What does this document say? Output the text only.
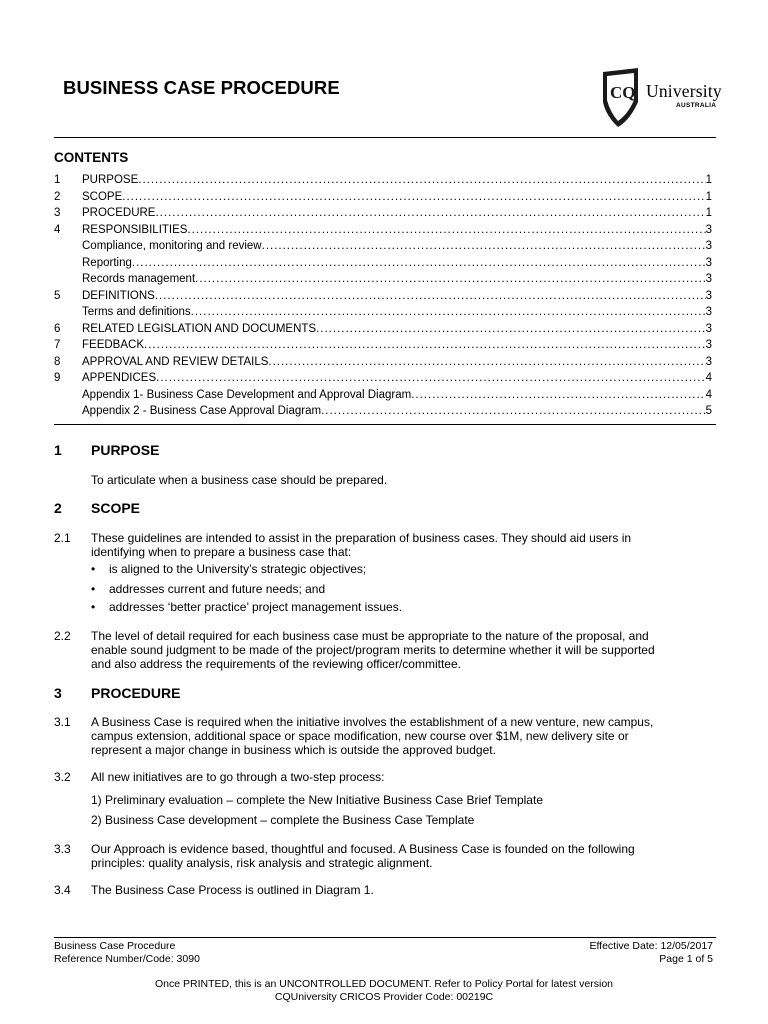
BUSINESS CASE PROCEDURE	CQ University
AUSTRALIA
CONTENTS
1 PURPOSE .....	1
2 SCOPE .....	1
3 PROCEDURE .....	1
4 RESPONSIBILITIES .....	3
Compliance, monitoring and review .....	3
Reporting .....	3
Records management .....	3
5 DEFINITIONS .....	3
Terms and definitions .....	3
6 RELATED LEGISLATION AND DOCUMENTS .....	3
7 FEEDBACK .....	3
8 APPROVAL AND REVIEW DETAILS .....	3
9 APPENDICES .....	4
Appendix 1- Business Case Development and Approval Diagram .....	4
Appendix 2 - Business Case Approval Diagram .....	5
1 PURPOSE
To articulate when a business case should be prepared.
2 SCOPE
2.1 These guidelines are intended to assist in the preparation of business cases. They should aid users in
identifying when to prepare a business case that:
• is aligned to the University’s strategic objectives;
• addresses current and future needs; and
• addresses ‘better practice’ project management issues.
2.2 The level of detail required for each business case must be appropriate to the nature of the proposal, and
enable sound judgment to be made of the project/program merits to determine whether it will be supported
and also address the requirements of the reviewing officer/committee.
3 PROCEDURE
3.1 A Business Case is required when the initiative involves the establishment of a new venture, new campus,
campus extension, additional space or space modification, new course over $1M, new delivery site or
represent a major change in business which is outside the approved budget.
3.2 All new initiatives are to go through a two-step process:
1) Preliminary evaluation – complete the New Initiative Business Case Brief Template
2) Business Case development – complete the Business Case Template
3.3 Our Approach is evidence based, thoughtful and focused. A Business Case is founded on the following
principles: quality analysis, risk analysis and strategic alignment.
3.4 The Business Case Process is outlined in Diagram 1.
Business Case Procedure
Reference Number/Code: 3090
Effective Date: 12/05/2017
Page 1 of 5
Once PRINTED, this is an UNCONTROLLED DOCUMENT. Refer to Policy Portal for latest version
CQUniversity CRICOS Provider Code: 00219C
